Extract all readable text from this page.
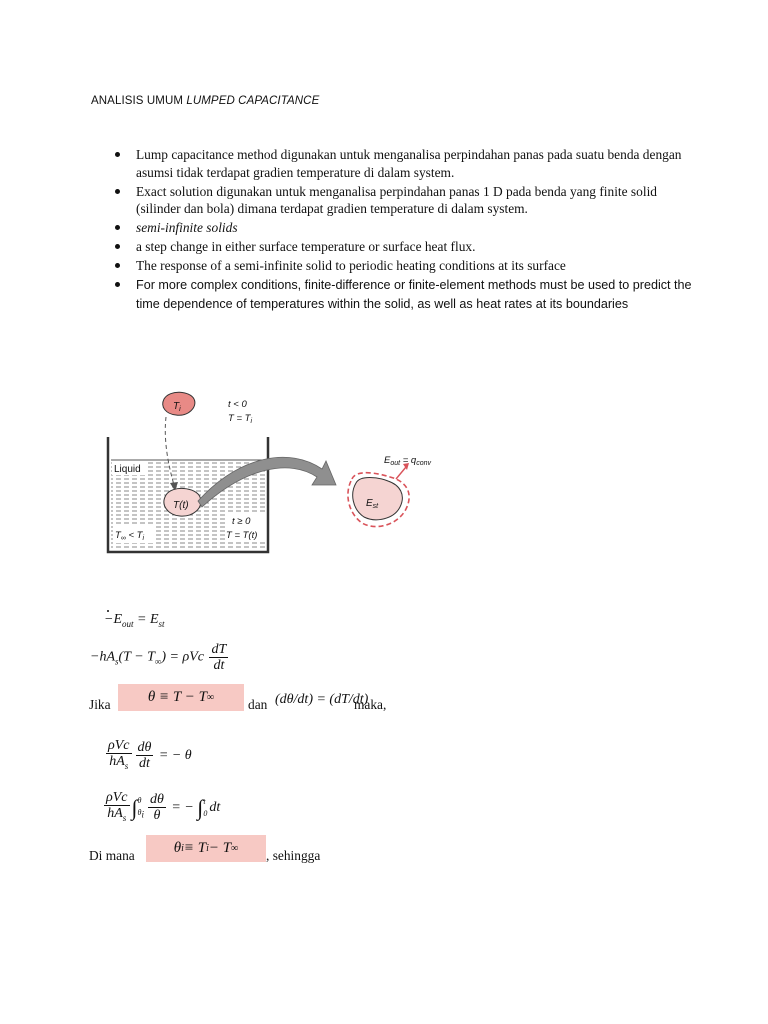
ANALISIS UMUM LUMPED CAPACITANCE
Lump capacitance method digunakan untuk menganalisa perpindahan panas pada suatu benda dengan asumsi tidak terdapat gradien temperature di dalam system.
Exact solution digunakan untuk menganalisa perpindahan panas 1 D pada benda yang finite solid (silinder dan bola) dimana terdapat gradien temperature di dalam system.
semi-infinite solids
a step change in either surface temperature or surface heat flux.
The response of a semi-infinite solid to periodic heating conditions at its surface
For more complex conditions, finite-difference or finite-element methods must be used to predict the time dependence of temperatures within the solid, as well as heat rates at its boundaries
Liquid
t ≥ 0
T = T(t)
$T_\infty < T_i$
$T_i$	t < 0
$T = T_i$
T(t)	$E_{st}$
$E_{out} = q_{conv}$
$-E_{out} = E_{st}$
$-hA_s(T - T_\infty) = \rho Vc \frac{dT}{dt}$
Jika θ ≡ T − T ∞	dan (dθ/dt) = (dT/dt)
maka,
$\frac{\text{ρVc}}{hA_s} \frac{d\theta}{dt}$ = − θ
$\frac{\text{ρVc}}{hA_s}$ ∫ θ
$\theta_i \frac{d\theta}{\theta}$ = − ∫ t
0 dt
Di mana	θ i ≡ T i − T ∞ , sehingga
